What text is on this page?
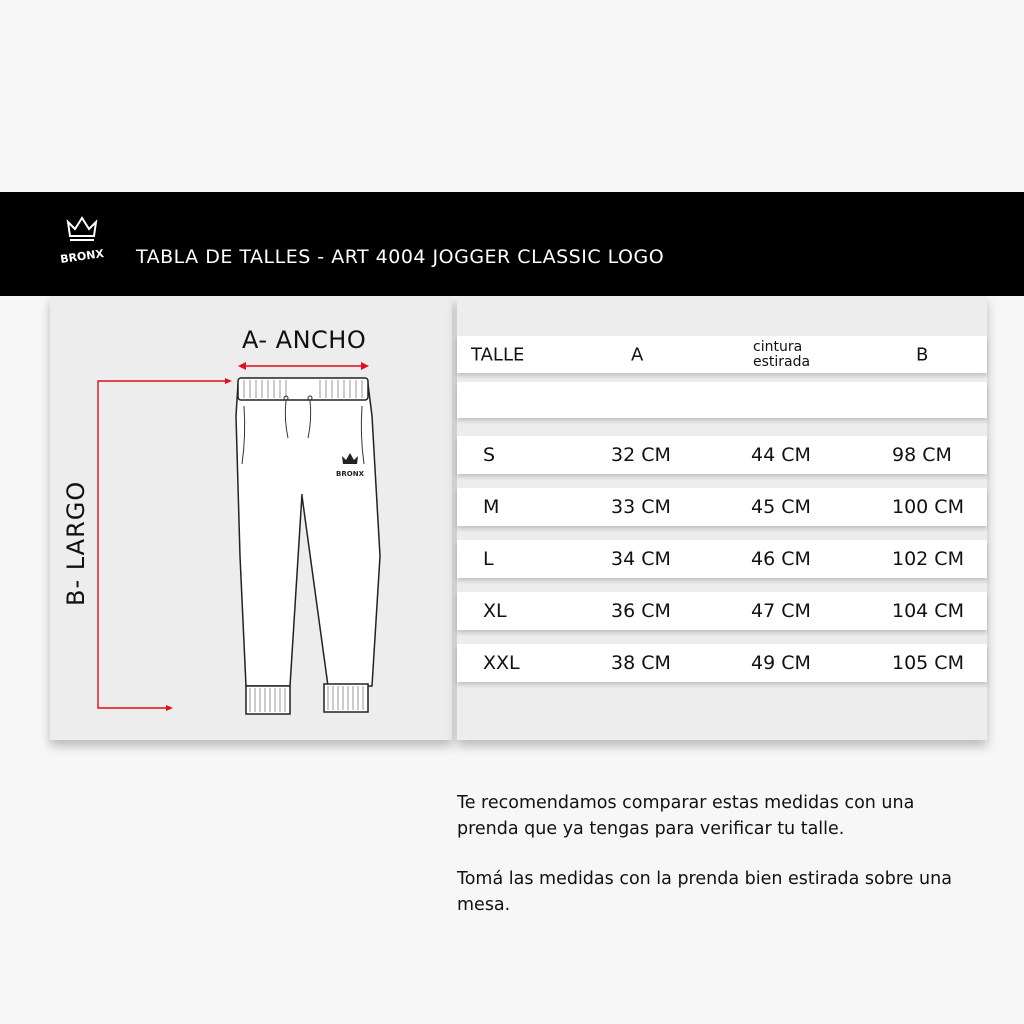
BRONX TABLA DE TALLES - ART 4004 JOGGER CLASSIC LOGO
A- ANCHO
B- LARGO
BRONX
TALLE	A	cintura estirada	B
S	32 CM	44 CM	98 CM
M	33 CM	45 CM	100 CM
L	34 CM	46 CM	102 CM
XL	36 CM	47 CM	104 CM
XXL	38 CM	49 CM	105 CM

Te recomendamos comparar estas medidas con una prenda que ya tengas para verificar tu talle.

Tomá las medidas con la prenda bien estirada sobre una mesa.
